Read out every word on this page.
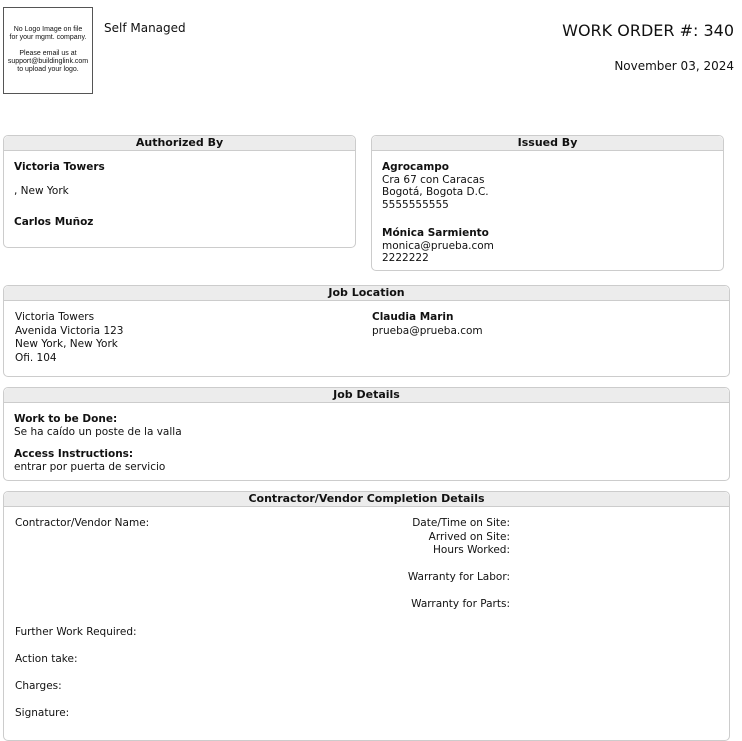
No Logo Image on file
for your mgmt. company.
Please email us at
support@buildinglink.com
to upload your logo.
Self Managed	WORK ORDER #: 340
November 03, 2024
Authorized By
Victoria Towers
, New York
Carlos Muñoz
Issued By
Agrocampo
Cra 67 con Caracas
Bogotá, Bogota D.C.
5555555555
Mónica Sarmiento
monica@prueba.com
2222222
Job Location
Victoria Towers
Avenida Victoria 123
New York, New York
Ofi. 104
Claudia Marin
prueba@prueba.com
Job Details
Work to be Done:
Se ha caído un poste de la valla
Access Instructions:
entrar por puerta de servicio
Contractor/Vendor Completion Details
Contractor/Vendor Name:	Date/Time on Site:
Arrived on Site:
Hours Worked:
Warranty for Labor:
Warranty for Parts:
Further Work Required:
Action take:
Charges:
Signature:
